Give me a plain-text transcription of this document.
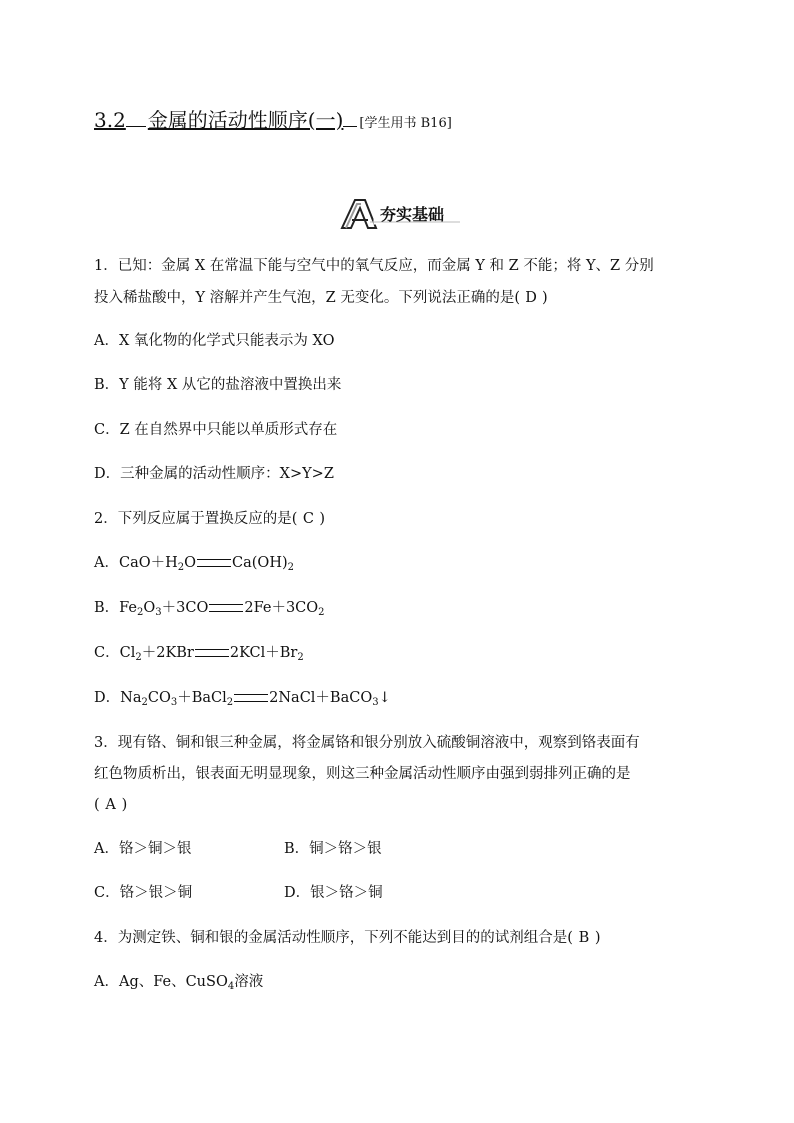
3.2 金属的活动性顺序(一) [学生用书 B16]
夯实基础
1．已知：金属 X 在常温下能与空气中的氧气反应，而金属 Y 和 Z 不能；将 Y、Z 分别
投入稀盐酸中，Y 溶解并产生气泡，Z 无变化。下列说法正确的是( D )
A．X 氧化物的化学式只能表示为 XO
B．Y 能将 X 从它的盐溶液中置换出来
C．Z 在自然界中只能以单质形式存在
D．三种金属的活动性顺序：X>Y>Z
2．下列反应属于置换反应的是( C )
A．$CaO+H_2O$ $Ca(OH)_2$
B．$Fe_2O_3+3CO$ $2Fe+3CO_2$
C．$Cl_2+2KBr$ $2KCl+Br_2$
D．$Na_2CO_3+BaCl_2$ 2NaCl＋BaCO$_3$↓
3．现有铬、铜和银三种金属，将金属铬和银分别放入硫酸铜溶液中，观察到铬表面有
红色物质析出，银表面无明显现象，则这三种金属活动性顺序由强到弱排列正确的是
( A )
A．铬＞铜＞银	B．铜＞铬＞银
C．铬＞银＞铜	D．银＞铬＞铜
4．为测定铁、铜和银的金属活动性顺序，下列不能达到目的的试剂组合是( B )
A．Ag、Fe、CuSO$_4$溶液
